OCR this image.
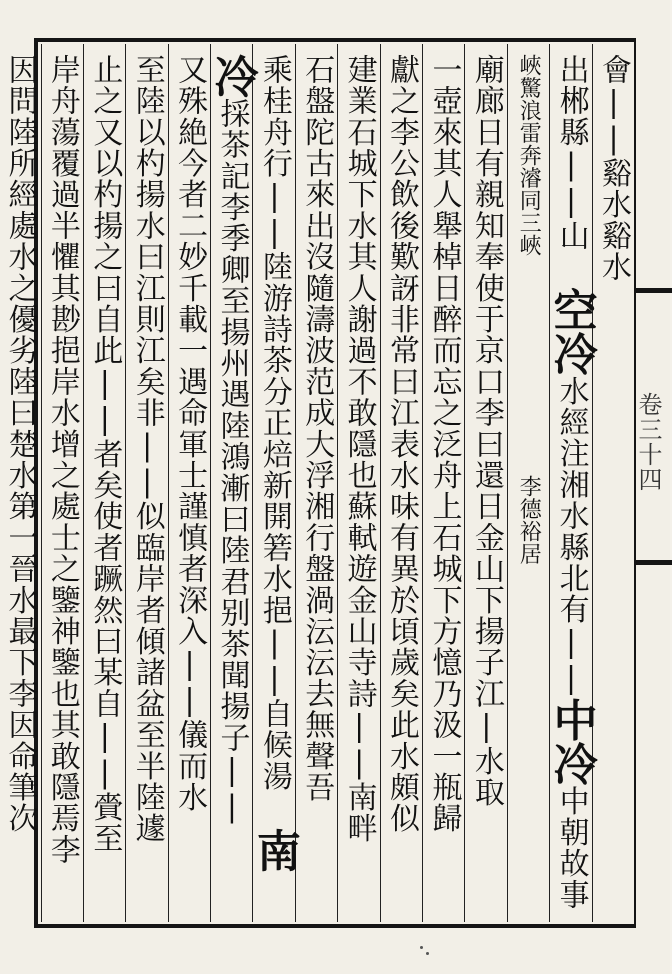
卷三十四
會||谿水谿水
出郴縣||山 空冷水經注湘水縣北有||中冷中朝故事
峽驚浪雷奔濬同三峽　　　　　　　李德裕居
廟廊日有親知奉使于京口李曰還日金山下揚子江|水取
一壺來其人舉棹日醉而忘之泛舟上石城下方憶乃汲一瓶歸
獻之李公飲後歎訝非常曰江表水味有異於頃歲矣此水頗似
建業石城下水其人謝過不敢隱也蘇軾遊金山寺詩||南畔
石盤陀古來出沒隨濤波范成大浮湘行盤渦沄沄去無聲吾
乘桂舟行||陸游詩茶分正焙新開箬水挹||自候湯 南
冷採茶記李季卿至揚州遇陸鴻漸曰陸君别茶聞揚子||
又殊絶今者二妙千載一遇命軍士謹慎者深入||儀而水
至陸以杓揚水曰江則江矣非||似臨岸者傾諸盆至半陸遽
止之又以杓揚之曰自此||者矣使者蹶然曰某自||賫至
岸舟蕩覆過半懼其尠挹岸水增之處士之鑒神鑒也其敢隱焉李
因問陸所經處水之優劣陸曰楚水第一晉水最下李因命筆次
